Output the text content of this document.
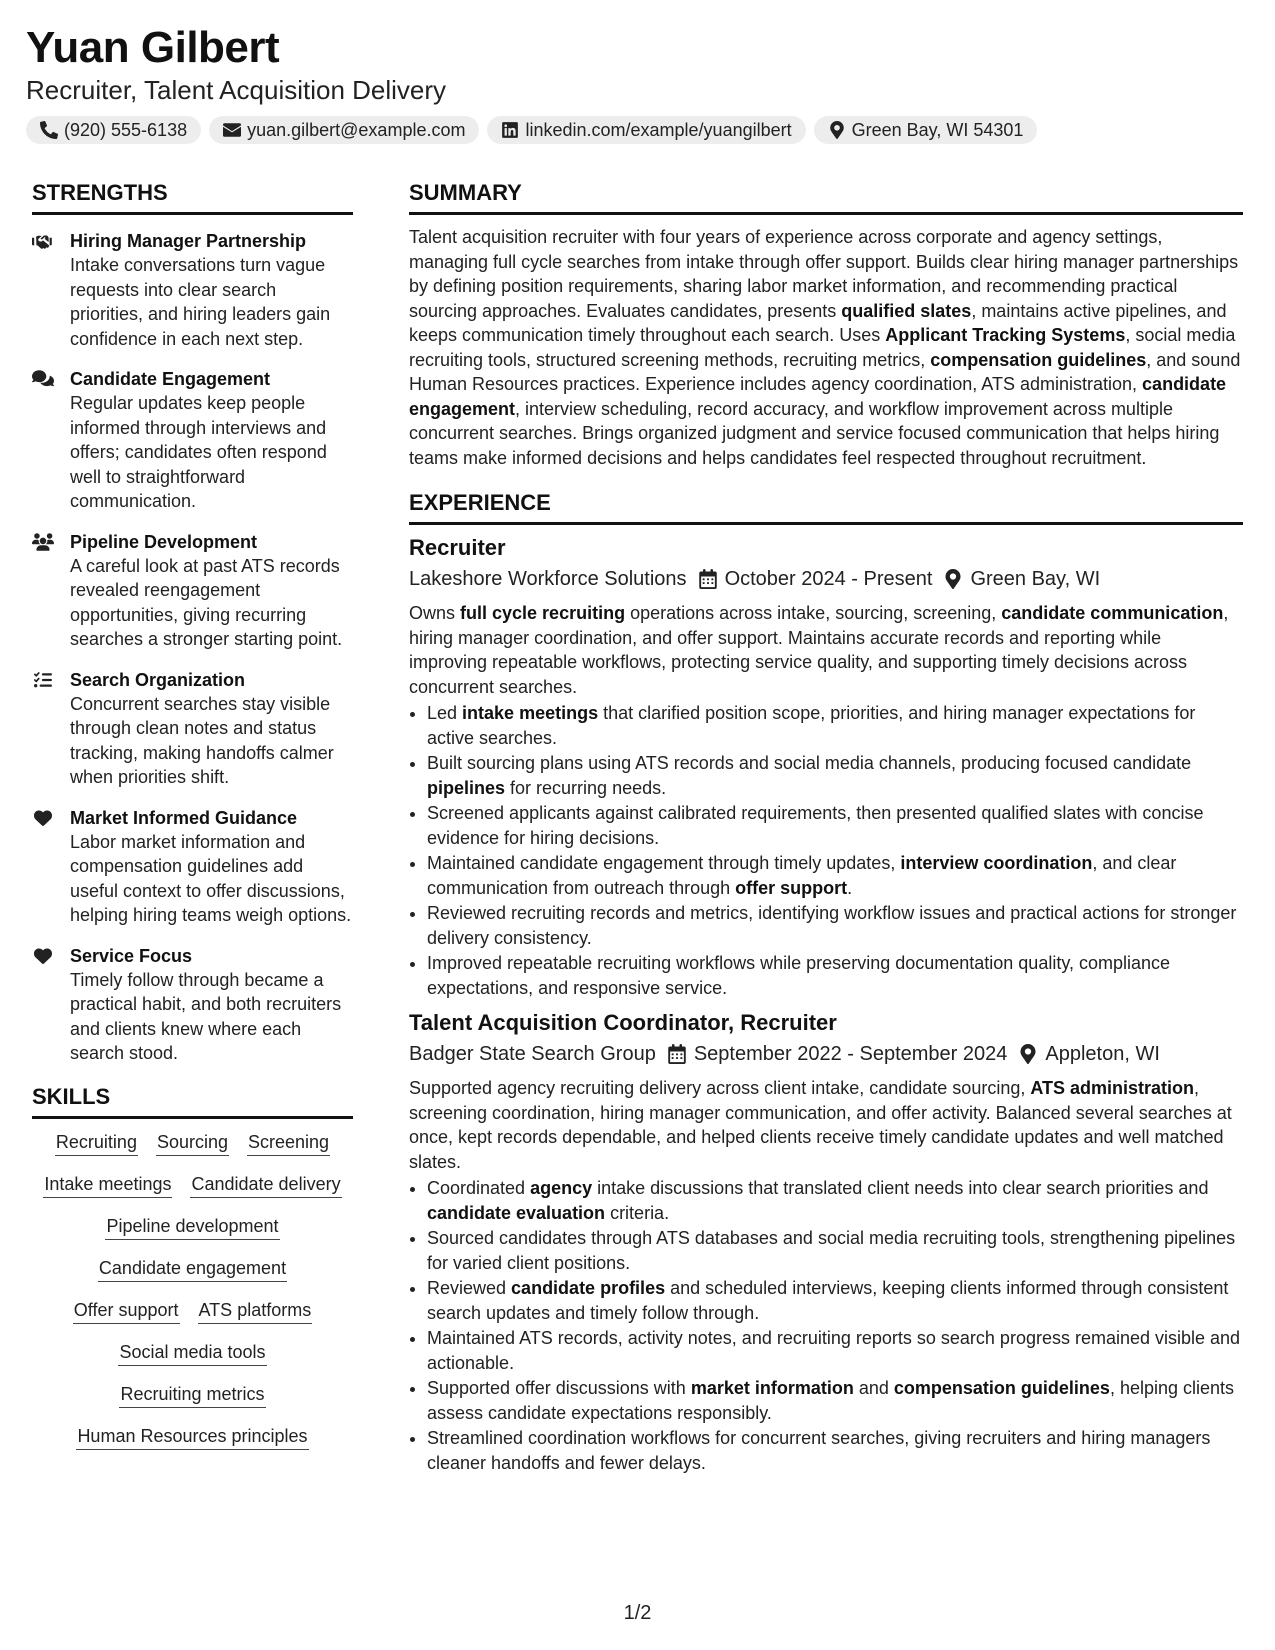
Yuan Gilbert
Recruiter, Talent Acquisition Delivery
(920) 555-6138	yuan.gilbert@example.com	linkedin.com/example/yuangilbert	Green Bay, WI 54301
STRENGTHS
Hiring Manager Partnership
Intake conversations turn vague requests into clear search priorities, and hiring leaders gain confidence in each next step.
Candidate Engagement
Regular updates keep people informed through interviews and offers; candidates often respond well to straightforward communication.
Pipeline Development
A careful look at past ATS records revealed reengagement opportunities, giving recurring searches a stronger starting point.
Search Organization
Concurrent searches stay visible through clean notes and status tracking, making handoffs calmer when priorities shift.
Market Informed Guidance
Labor market information and compensation guidelines add useful context to offer discussions, helping hiring teams weigh options.
Service Focus
Timely follow through became a practical habit, and both recruiters and clients knew where each search stood.
SKILLS
Recruiting Sourcing Screening
Intake meetings Candidate delivery
Pipeline development
Candidate engagement
Offer support ATS platforms
Social media tools
Recruiting metrics
Human Resources principles
SUMMARY
Talent acquisition recruiter with four years of experience across corporate and agency settings, managing full cycle searches from intake through offer support. Builds clear hiring manager partnerships by defining position requirements, sharing labor market information, and recommending practical sourcing approaches. Evaluates candidates, presents qualified slates, maintains active pipelines, and keeps communication timely throughout each search. Uses Applicant Tracking Systems, social media recruiting tools, structured screening methods, recruiting metrics, compensation guidelines, and sound Human Resources practices. Experience includes agency coordination, ATS administration, candidate engagement, interview scheduling, record accuracy, and workflow improvement across multiple concurrent searches. Brings organized judgment and service focused communication that helps hiring teams make informed decisions and helps candidates feel respected throughout recruitment.
EXPERIENCE
Recruiter
Lakeshore Workforce Solutions October 2024 - Present Green Bay, WI
Owns full cycle recruiting operations across intake, sourcing, screening, candidate communication, hiring manager coordination, and offer support. Maintains accurate records and reporting while improving repeatable workflows, protecting service quality, and supporting timely decisions across concurrent searches.
• Led intake meetings that clarified position scope, priorities, and hiring manager expectations for active searches.
• Built sourcing plans using ATS records and social media channels, producing focused candidate pipelines for recurring needs.
• Screened applicants against calibrated requirements, then presented qualified slates with concise evidence for hiring decisions.
• Maintained candidate engagement through timely updates, interview coordination, and clear communication from outreach through offer support.
• Reviewed recruiting records and metrics, identifying workflow issues and practical actions for stronger delivery consistency.
• Improved repeatable recruiting workflows while preserving documentation quality, compliance expectations, and responsive service.
Talent Acquisition Coordinator, Recruiter
Badger State Search Group September 2022 - September 2024 Appleton, WI
Supported agency recruiting delivery across client intake, candidate sourcing, ATS administration, screening coordination, hiring manager communication, and offer activity. Balanced several searches at once, kept records dependable, and helped clients receive timely candidate updates and well matched slates.
• Coordinated agency intake discussions that translated client needs into clear search priorities and candidate evaluation criteria.
• Sourced candidates through ATS databases and social media recruiting tools, strengthening pipelines for varied client positions.
• Reviewed candidate profiles and scheduled interviews, keeping clients informed through consistent search updates and timely follow through.
• Maintained ATS records, activity notes, and recruiting reports so search progress remained visible and actionable.
• Supported offer discussions with market information and compensation guidelines, helping clients assess candidate expectations responsibly.
• Streamlined coordination workflows for concurrent searches, giving recruiters and hiring managers cleaner handoffs and fewer delays.
1/2
